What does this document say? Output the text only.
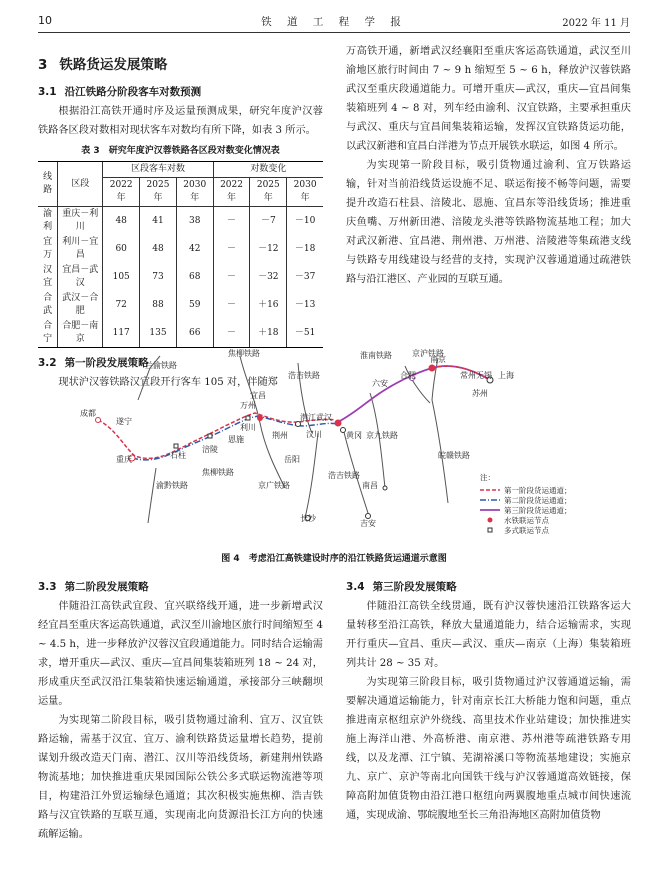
10	铁 道 工 程 学 报	2022 年 11 月
3 铁路货运发展策略
3.1 沿江铁路分阶段客车对数预测

根据沿江高铁开通时序及运量预测成果，研究年度沪汉蓉铁路各区段对数相对现状客车对数均有所下降，如表 3 所示。

表 3　研究年度沪汉蓉铁路各区段对数变化情况表
线路	区段	区段客车对数			对数变化		
		2022 年	2025 年	2030 年	2022 年	2025 年	2030 年
渝利	重庆－利川	48	41	38	－	－7	－10
宜万	利川－宜昌	60	48	42	－	－12	－18
汉宜	宜昌－武汉	105	73	68	－	－32	－37
合武	武汉－合肥	72	88	59	－	＋16	－13
合宁	合肥－南京	117	135	66	－	＋18	－51
3.2 第一阶段发展策略

现状沪汉蓉铁路汉宜段开行客车 105 对，伴随郑

万高铁开通，新增武汉经襄阳至重庆客运高铁通道，武汉至川渝地区旅行时间由 7 ~ 9 h 缩短至 5 ~ 6 h，释放沪汉蓉铁路武汉至重庆段通道能力。可增开重庆—武汉，重庆—宜昌间集装箱班列 4 ~ 8 对，列车经由渝利、汉宜铁路，主要承担重庆与武汉、重庆与宜昌间集装箱运输，发挥汉宜铁路货运功能，以武汉新港和宜昌白洋港为节点开展铁水联运，如图 4 所示。

为实现第一阶段目标，吸引货物通过渝利、宜万铁路运输，针对当前沿线货运设施不足、联运衔接不畅等问题，需要提升改造石柱县、涪陵北、恩施、宜昌东等沿线货场；推进重庆鱼嘴、万州新田港、涪陵龙头港等铁路物流基地工程；加大对武汉新港、宜昌港、荆州港、万州港、涪陵港等集疏港支线与铁路专用线建设与经营的支持，实现沪汉蓉通道通过疏港铁路与沿江港区、产业园的互联互通。

成都
遂宁
重庆	石柱
涪陵
万州
恩施
利川
宜昌
荆州
潜江
汉川
武汉
黄冈
岳阳
长沙
南昌
吉安
六安
合肥
南京
常州 无锡 上海
苏州
兰渝铁路
焦柳铁路
浩吉铁路
渝黔铁路
焦柳铁路
京广铁路
浩吉铁路
京九铁路
淮南铁路	京沪铁路
皖赣铁路
注：
第一阶段货运通道；
第二阶段货运通道；
第三阶段货运通道；
水铁联运节点
多式联运节点
图 4　考虑沿江高铁建设时序的沿江铁路货运通道示意图
3.3 第二阶段发展策略

伴随沿江高铁武宜段、宜兴联络线开通，进一步新增武汉经宜昌至重庆客运高铁通道，武汉至川渝地区旅行时间缩短至 4 ~ 4.5 h，进一步释放沪汉蓉汉宜段通道能力。同时结合运输需求，增开重庆—武汉、重庆—宜昌间集装箱班列 18 ~ 24 对，形成重庆至武汉沿江集装箱快速运输通道，承接部分三峡翻坝运量。

为实现第二阶段目标，吸引货物通过渝利、宜万、汉宜铁路运输，需基于汉宜、宜万、渝利铁路货运量增长趋势，提前谋划升级改造天门南、潜江、汉川等沿线货场，新建荆州铁路物流基地；加快推进重庆果园国际公铁公多式联运物流港等项目，构建沿江外贸运输绿色通道；其次积极实施焦柳、浩吉铁路与汉宜铁路的互联互通，实现南北向货源沿长江方向的快速疏解运输。

3.4 第三阶段发展策略

伴随沿江高铁全线贯通，既有沪汉蓉快速沿江铁路客运大量转移至沿江高铁，释放大量通道能力，结合运输需求，实现开行重庆—宜昌、重庆—武汉、重庆—南京（上海）集装箱班列共计 28 ~ 35 对。

为实现第三阶段目标，吸引货物通过沪汉蓉通道运输，需要解决通道运输能力，针对南京长江大桥能力饱和问题，重点推进南京枢纽京沪外绕线、高里技术作业站建设；加快推进实施上海洋山港、外高桥港、南京港、苏州港等疏港铁路专用线，以及龙潭、江宁镇、芜湖裕溪口等物流基地建设；实施京九、京广、京沪等南北向国铁干线与沪汉蓉通道高效链接，保障高附加值货物由沿江港口枢纽向两翼腹地重点城市间快速流通，实现成渝、鄂皖腹地至长三角沿海地区高附加值货物
